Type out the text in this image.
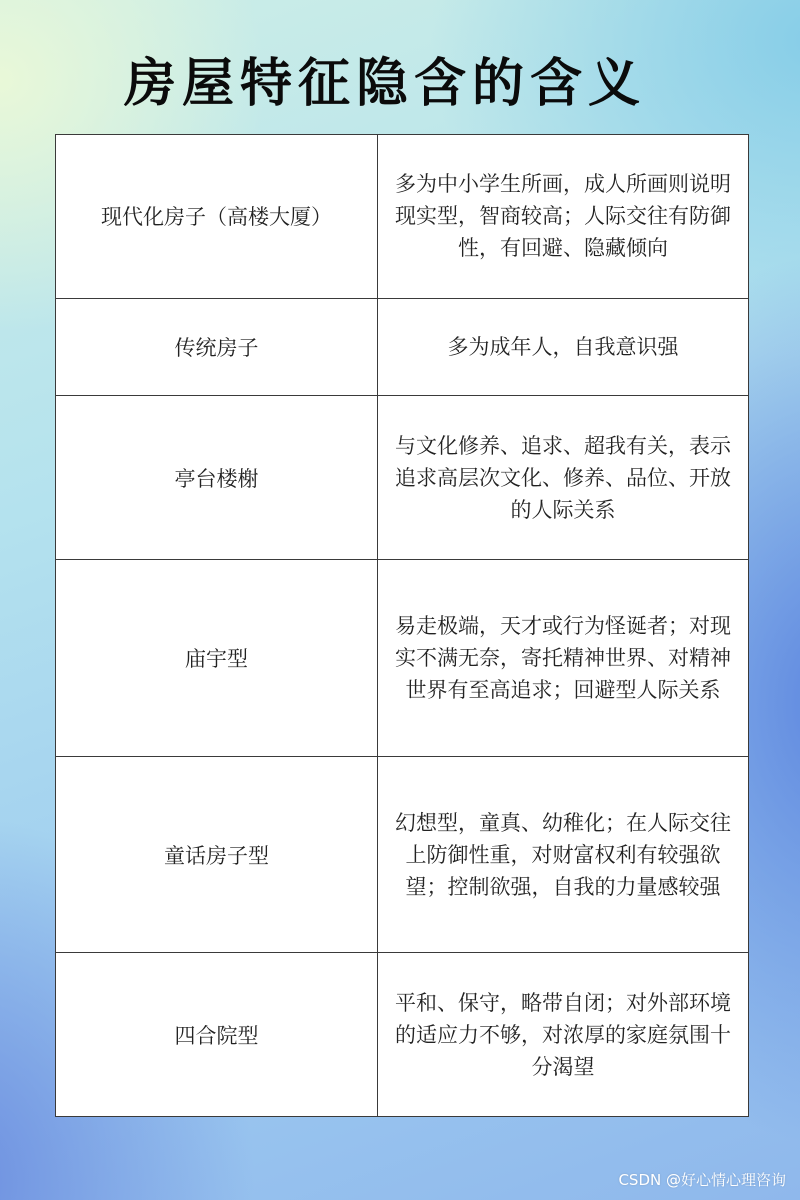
房屋特征隐含的含义
现代化房子（高楼大厦）
多为中小学生所画，成人所画则说明现实型，智商较高；人际交往有防御性，有回避、隐藏倾向
传统房子	多为成年人，自我意识强
亭台楼榭
与文化修养、追求、超我有关，表示追求高层次文化、修养、品位、开放的人际关系
庙宇型
易走极端，天才或行为怪诞者；对现实不满无奈，寄托精神世界、对精神世界有至高追求；回避型人际关系
童话房子型
幻想型，童真、幼稚化；在人际交往上防御性重，对财富权利有较强欲望；控制欲强，自我的力量感较强
四合院型
平和、保守，略带自闭；对外部环境的适应力不够，对浓厚的家庭氛围十分渴望
CSDN @好心情心理咨询
